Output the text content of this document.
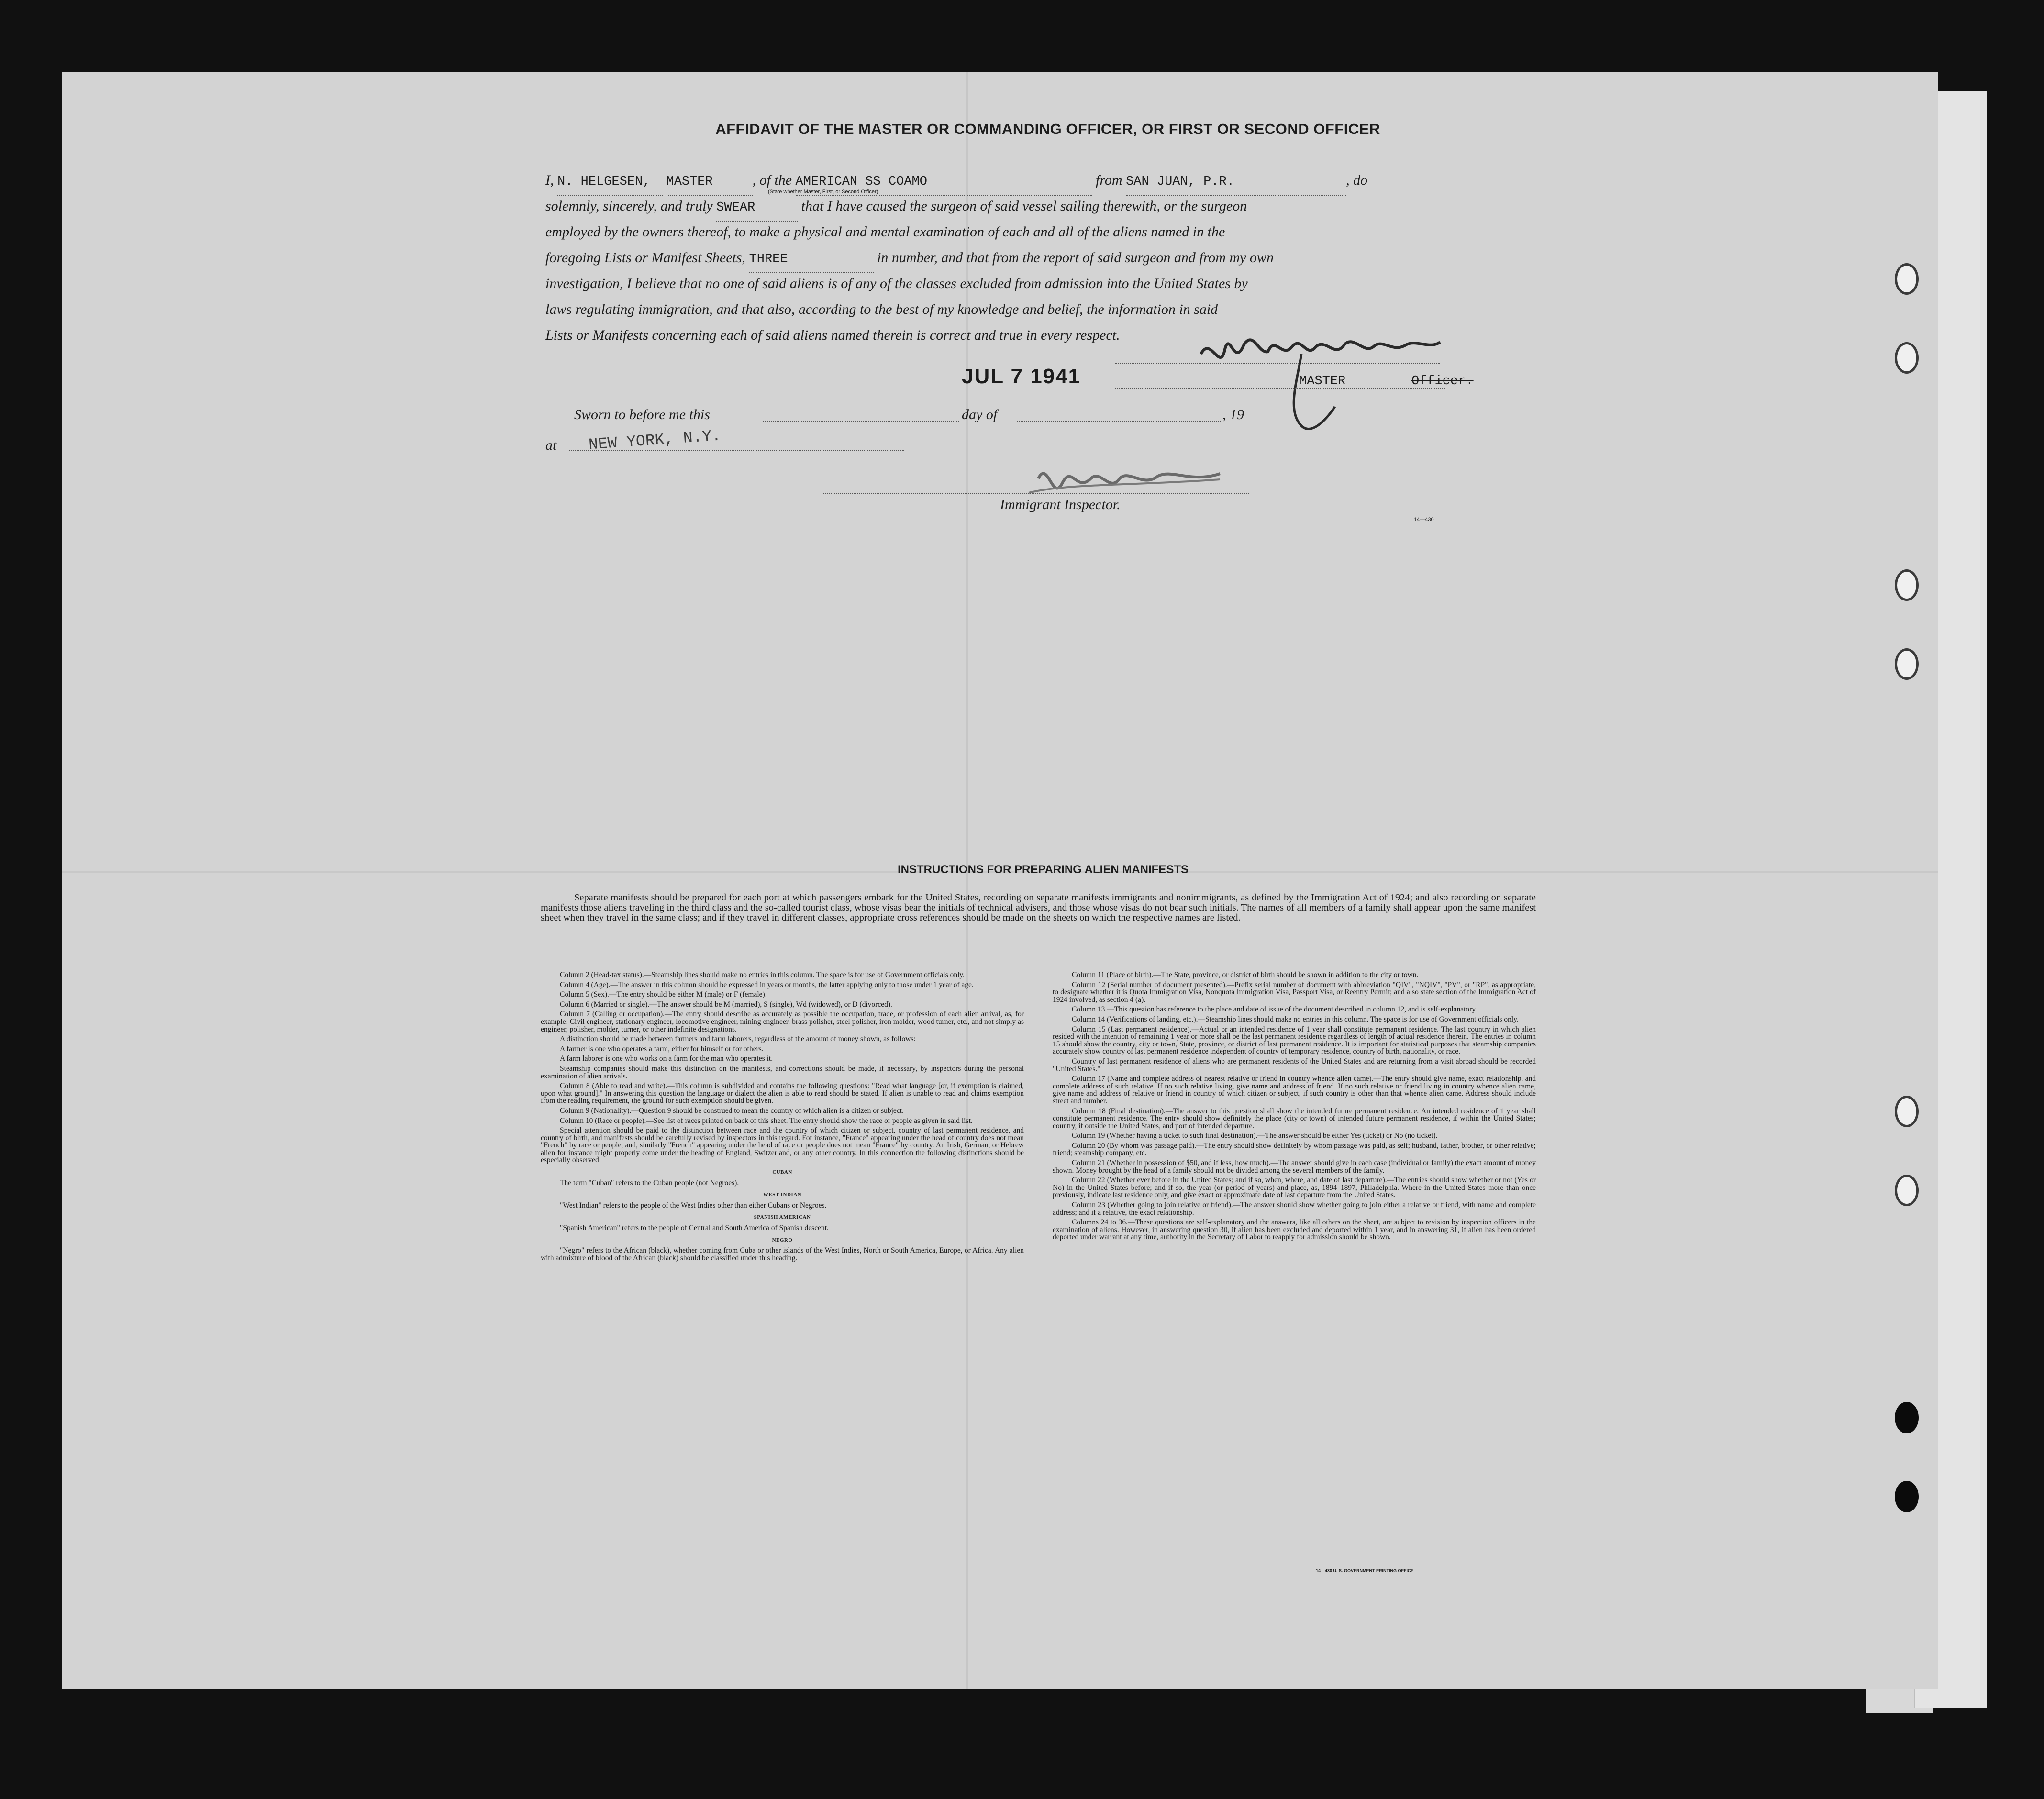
AFFIDAVIT OF THE MASTER OR COMMANDING OFFICER, OR FIRST OR SECOND OFFICER
I, N. HELGESEN, MASTER	, of the AMERICAN SS COAMO	from SAN JUAN, P.R.	, do
(State whether Master, First, or Second Officer)
solemnly, sincerely, and truly SWEAR	that I have caused the surgeon of said vessel sailing therewith, or the surgeon
employed by the owners thereof, to make a physical and mental examination of each and all of the aliens named in the
foregoing Lists or Manifest Sheets, THREE	in number, and that from the report of said surgeon and from my own
investigation, I believe that no one of said aliens is of any of the classes excluded from admission into the United States by
laws regulating immigration, and that also, according to the best of my knowledge and belief, the information in said
Lists or Manifests concerning each of said aliens named therein is correct and true in every respect.
MASTER	Officer.
JUL 7 1941
Sworn to before me this	day of	, 19
at NEW YORK, N.Y.
Immigrant Inspector.
14—430
INSTRUCTIONS FOR PREPARING ALIEN MANIFESTS
Separate manifests should be prepared for each port at which passengers embark for the United States, recording on separate manifests immigrants and nonimmigrants, as defined by the Immigration Act of 1924; and also recording on separate manifests those aliens traveling in the third class and the so-called tourist class, whose visas bear the initials of technical advisers, and those whose visas do not bear such initials. The names of all members of a family shall appear upon the same manifest sheet when they travel in the same class; and if they travel in different classes, appropriate cross references should be made on the sheets on which the respective names are listed.

Column 2 (Head-tax status).—Steamship lines should make no entries in this column. The space is for use of Government officials only.

Column 4 (Age).—The answer in this column should be expressed in years or months, the latter applying only to those under 1 year of age.

Column 5 (Sex).—The entry should be either M (male) or F (female).

Column 6 (Married or single).—The answer should be M (married), S (single), Wd (widowed), or D (divorced).

Column 7 (Calling or occupation).—The entry should describe as accurately as possible the occupation, trade, or profession of each alien arrival, as, for example: Civil engineer, stationary engineer, locomotive engineer, mining engineer, brass polisher, steel polisher, iron molder, wood turner, etc., and not simply as engineer, polisher, molder, turner, or other indefinite designations.

A distinction should be made between farmers and farm laborers, regardless of the amount of money shown, as follows:

A farmer is one who operates a farm, either for himself or for others.

A farm laborer is one who works on a farm for the man who operates it.

Steamship companies should make this distinction on the manifests, and corrections should be made, if necessary, by inspectors during the personal examination of alien arrivals.

Column 8 (Able to read and write).—This column is subdivided and contains the following questions: "Read what language [or, if exemption is claimed, upon what ground]." In answering this question the language or dialect the alien is able to read should be stated. If alien is unable to read and claims exemption from the reading requirement, the ground for such exemption should be given.

Column 9 (Nationality).—Question 9 should be construed to mean the country of which alien is a citizen or subject.

Column 10 (Race or people).—See list of races printed on back of this sheet. The entry should show the race or people as given in said list.

Special attention should be paid to the distinction between race and the country of which citizen or subject, country of last permanent residence, and country of birth, and manifests should be carefully revised by inspectors in this regard. For instance, "France" appearing under the head of country does not mean "French" by race or people, and, similarly "French" appearing under the head of race or people does not mean "France" by country. An Irish, German, or Hebrew alien for instance might properly come under the heading of England, Switzerland, or any other country. In this connection the following distinctions should be especially observed:

CUBAN

The term "Cuban" refers to the Cuban people (not Negroes).

WEST INDIAN

"West Indian" refers to the people of the West Indies other than either Cubans or Negroes.

SPANISH AMERICAN

"Spanish American" refers to the people of Central and South America of Spanish descent.

NEGRO

"Negro" refers to the African (black), whether coming from Cuba or other islands of the West Indies, North or South America, Europe, or Africa. Any alien with admixture of blood of the African (black) should be classified under this heading.

Column 11 (Place of birth).—The State, province, or district of birth should be shown in addition to the city or town.

Column 12 (Serial number of document presented).—Prefix serial number of document with abbreviation "QIV", "NQIV", "PV", or "RP", as appropriate, to designate whether it is Quota Immigration Visa, Nonquota Immigration Visa, Passport Visa, or Reentry Permit; and also state section of the Immigration Act of 1924 involved, as section 4 (a).

Column 13.—This question has reference to the place and date of issue of the document described in column 12, and is self-explanatory.

Column 14 (Verifications of landing, etc.).—Steamship lines should make no entries in this column. The space is for use of Government officials only.

Column 15 (Last permanent residence).—Actual or an intended residence of 1 year shall constitute permanent residence. The last country in which alien resided with the intention of remaining 1 year or more shall be the last permanent residence regardless of length of actual residence therein. The entries in column 15 should show the country, city or town, State, province, or district of last permanent residence. It is important for statistical purposes that steamship companies accurately show country of last permanent residence independent of country of temporary residence, country of birth, nationality, or race.

Country of last permanent residence of aliens who are permanent residents of the United States and are returning from a visit abroad should be recorded "United States."

Column 17 (Name and complete address of nearest relative or friend in country whence alien came).—The entry should give name, exact relationship, and complete address of such relative. If no such relative living, give name and address of friend. If no such relative or friend living in country whence alien came, give name and address of relative or friend in country of which citizen or subject, if such country is other than that whence alien came. Address should include street and number.

Column 18 (Final destination).—The answer to this question shall show the intended future permanent residence. An intended residence of 1 year shall constitute permanent residence. The entry should show definitely the place (city or town) of intended future permanent residence, if within the United States; country, if outside the United States, and port of intended departure.

Column 19 (Whether having a ticket to such final destination).—The answer should be either Yes (ticket) or No (no ticket).

Column 20 (By whom was passage paid).—The entry should show definitely by whom passage was paid, as self; husband, father, brother, or other relative; friend; steamship company, etc.

Column 21 (Whether in possession of $50, and if less, how much).—The answer should give in each case (individual or family) the exact amount of money shown. Money brought by the head of a family should not be divided among the several members of the family.

Column 22 (Whether ever before in the United States; and if so, when, where, and date of last departure).—The entries should show whether or not (Yes or No) in the United States before; and if so, the year (or period of years) and place, as, 1894–1897, Philadelphia. Where in the United States more than once previously, indicate last residence only, and give exact or approximate date of last departure from the United States.

Column 23 (Whether going to join relative or friend).—The answer should show whether going to join either a relative or friend, with name and complete address; and if a relative, the exact relationship.

Columns 24 to 36.—These questions are self-explanatory and the answers, like all others on the sheet, are subject to revision by inspection officers in the examination of aliens. However, in answering question 30, if alien has been excluded and deported within 1 year, and in answering 31, if alien has been ordered deported under warrant at any time, authority in the Secretary of Labor to reapply for admission should be shown.

14—430 U. S. GOVERNMENT PRINTING OFFICE
